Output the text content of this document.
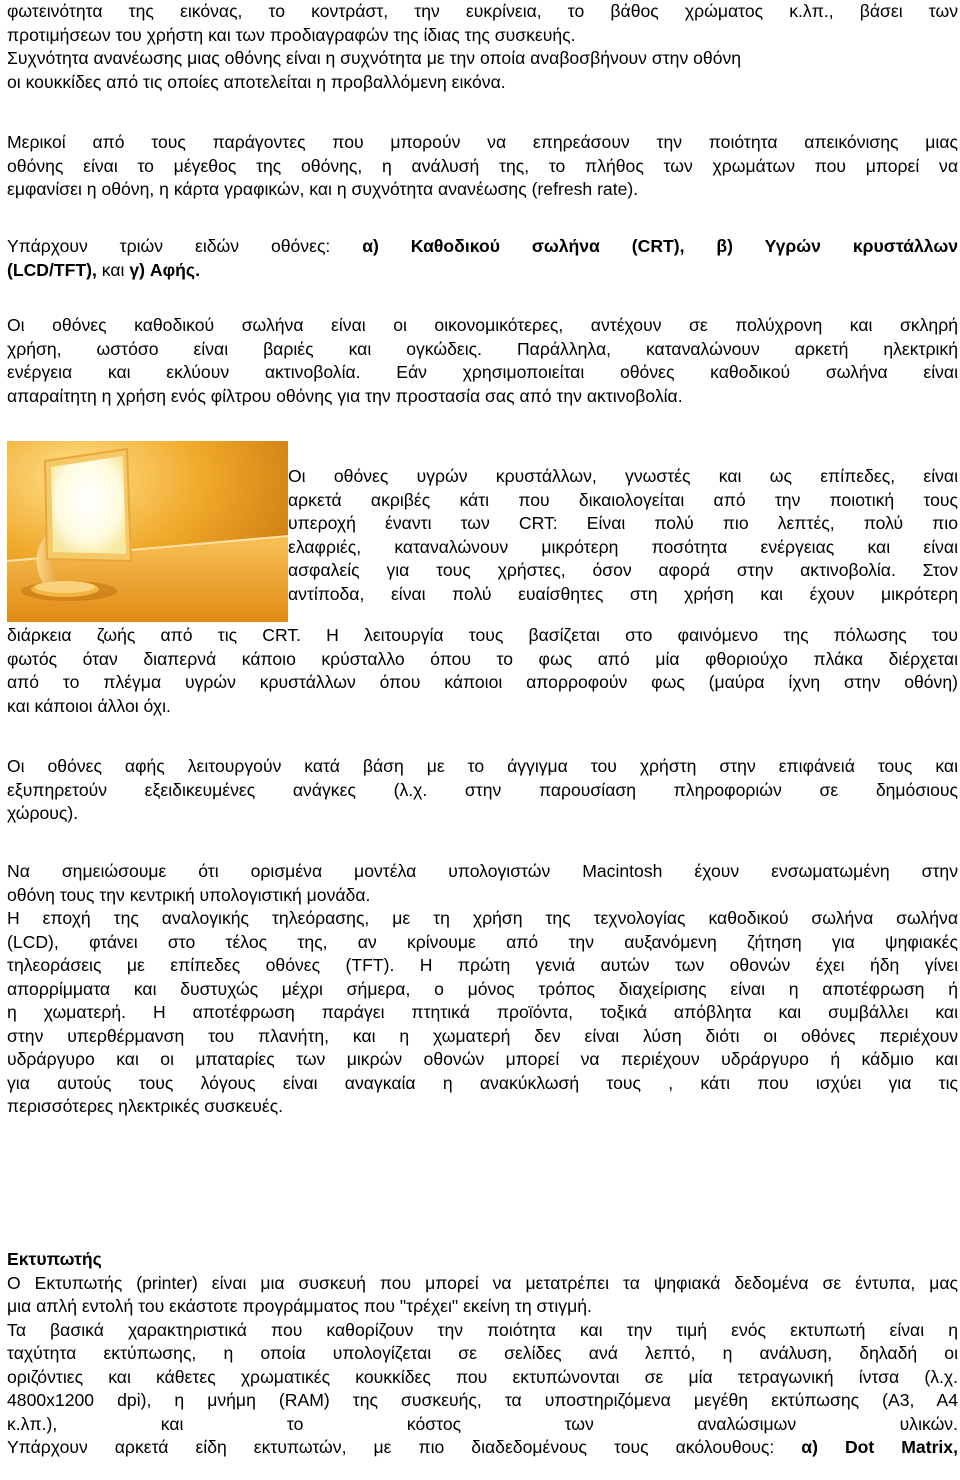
φωτεινότητα της εικόνας, το κοντράστ, την ευκρίνεια, το βάθος χρώματος κ.λπ., βάσει των
προτιμήσεων του χρήστη και των προδιαγραφών της ίδιας της συσκευής.
Συχνότητα ανανέωσης μιας οθόνης είναι η συχνότητα με την οποία αναβοσβήνουν στην οθόνη
οι κουκκίδες από τις οποίες αποτελείται η προβαλλόμενη εικόνα.
Μερικοί από τους παράγοντες που μπορούν να επηρεάσουν την ποιότητα απεικόνισης μιας
οθόνης είναι το μέγεθος της οθόνης, η ανάλυσή της, το πλήθος των χρωμάτων που μπορεί να
εμφανίσει η οθόνη, η κάρτα γραφικών, και η συχνότητα ανανέωσης (refresh rate).
Υπάρχουν τριών ειδών οθόνες: α) Καθοδικού σωλήνα (CRT), β) Υγρών κρυστάλλων
(LCD/TFT), και γ) Αφής.
Οι οθόνες καθοδικού σωλήνα είναι οι οικονομικότερες, αντέχουν σε πολύχρονη και σκληρή
χρήση, ωστόσο είναι βαριές και ογκώδεις. Παράλληλα, καταναλώνουν αρκετή ηλεκτρική
ενέργεια και εκλύουν ακτινοβολία. Εάν χρησιμοποιείται οθόνες καθοδικού σωλήνα είναι
απαραίτητη η χρήση ενός φίλτρου οθόνης για την προστασία σας από την ακτινοβολία.
Οι οθόνες υγρών κρυστάλλων, γνωστές και ως επίπεδες, είναι
αρκετά ακριβές κάτι που δικαιολογείται από την ποιοτική τους
υπεροχή έναντι των CRT: Είναι πολύ πιο λεπτές, πολύ πιο
ελαφριές, καταναλώνουν μικρότερη ποσότητα ενέργειας και είναι
ασφαλείς για τους χρήστες, όσον αφορά στην ακτινοβολία. Στον
αντίποδα, είναι πολύ ευαίσθητες στη χρήση και έχουν μικρότερη
διάρκεια ζωής από τις CRT. Η λειτουργία τους βασίζεται στο φαινόμενο της πόλωσης του
φωτός όταν διαπερνά κάποιο κρύσταλλο όπου το φως από μία φθοριούχο πλάκα διέρχεται
από το πλέγμα υγρών κρυστάλλων όπου κάποιοι απορροφούν φως (μαύρα ίχνη στην οθόνη)
και κάποιοι άλλοι όχι.
Οι οθόνες αφής λειτουργούν κατά βάση με το άγγιγμα του χρήστη στην επιφάνειά τους και
εξυπηρετούν εξειδικευμένες ανάγκες (λ.χ. στην παρουσίαση πληροφοριών σε δημόσιους
χώρους).
Να σημειώσουμε ότι ορισμένα μοντέλα υπολογιστών Macintosh έχουν ενσωματωμένη στην
οθόνη τους την κεντρική υπολογιστική μονάδα.
Η εποχή της αναλογικής τηλεόρασης, με τη χρήση της τεχνολογίας καθοδικού σωλήνα σωλήνα
(LCD), φτάνει στο τέλος της, αν κρίνουμε από την αυξανόμενη ζήτηση για ψηφιακές
τηλεοράσεις με επίπεδες οθόνες (TFT). Η πρώτη γενιά αυτών των οθονών έχει ήδη γίνει
απορρίμματα και δυστυχώς μέχρι σήμερα, ο μόνος τρόπος διαχείρισης είναι η αποτέφρωση ή
η χωματερή. Η αποτέφρωση παράγει πτητικά προϊόντα, τοξικά απόβλητα και συμβάλλει και
στην υπερθέρμανση του πλανήτη, και η χωματερή δεν είναι λύση διότι οι οθόνες περιέχουν
υδράργυρο και οι μπαταρίες των μικρών οθονών μπορεί να περιέχουν υδράργυρο ή κάδμιο και
για αυτούς τους λόγους είναι αναγκαία η ανακύκλωσή τους , κάτι που ισχύει για τις
περισσότερες ηλεκτρικές συσκευές.
Εκτυπωτής
Ο Εκτυπωτής (printer) είναι μια συσκευή που μπορεί να μετατρέπει τα ψηφιακά δεδομένα σε έντυπα, μας
μια απλή εντολή του εκάστοτε προγράμματος που "τρέχει" εκείνη τη στιγμή.
Τα βασικά χαρακτηριστικά που καθορίζουν την ποιότητα και την τιμή ενός εκτυπωτή είναι η
ταχύτητα εκτύπωσης, η οποία υπολογίζεται σε σελίδες ανά λεπτό, η ανάλυση, δηλαδή οι
οριζόντιες και κάθετες χρωματικές κουκκίδες που εκτυπώνονται σε μία τετραγωνική ίντσα (λ.χ.
4800x1200 dpi), η μνήμη (RAM) της συσκευής, τα υποστηριζόμενα μεγέθη εκτύπωσης (A3, A4
κ.λπ.), και το κόστος των αναλώσιμων υλικών.
Υπάρχουν αρκετά είδη εκτυπωτών, με πιο διαδεδομένους τους ακόλουθους: α) Dot Matrix,
